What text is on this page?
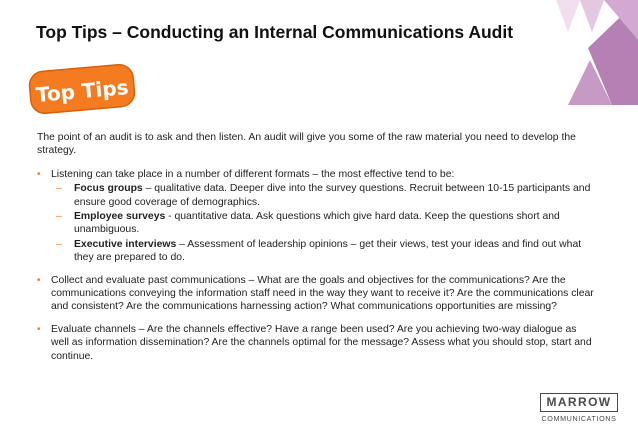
Top Tips – Conducting an Internal Communications Audit
Top Tips

The point of an audit is to ask and then listen. An audit will give you some of the raw material you need to develop the strategy.

• Listening can take place in a number of different formats – the most effective tend to be:
– Focus groups – qualitative data. Deeper dive into the survey questions. Recruit between 10-15 participants and ensure good coverage of demographics.
– Employee surveys - quantitative data. Ask questions which give hard data. Keep the questions short and unambiguous.
– Executive interviews – Assessment of leadership opinions – get their views, test your ideas and find out what they are prepared to do.
• Collect and evaluate past communications – What are the goals and objectives for the communications? Are the communications conveying the information staff need in the way they want to receive it? Are the communications clear and consistent? Are the communications harnessing action? What communications opportunities are missing?
• Evaluate channels – Are the channels effective? Have a range been used? Are you achieving two-way dialogue as well as information dissemination? Are the channels optimal for the message? Assess what you should stop, start and continue.
MARROW
COMMUNICATIONS
